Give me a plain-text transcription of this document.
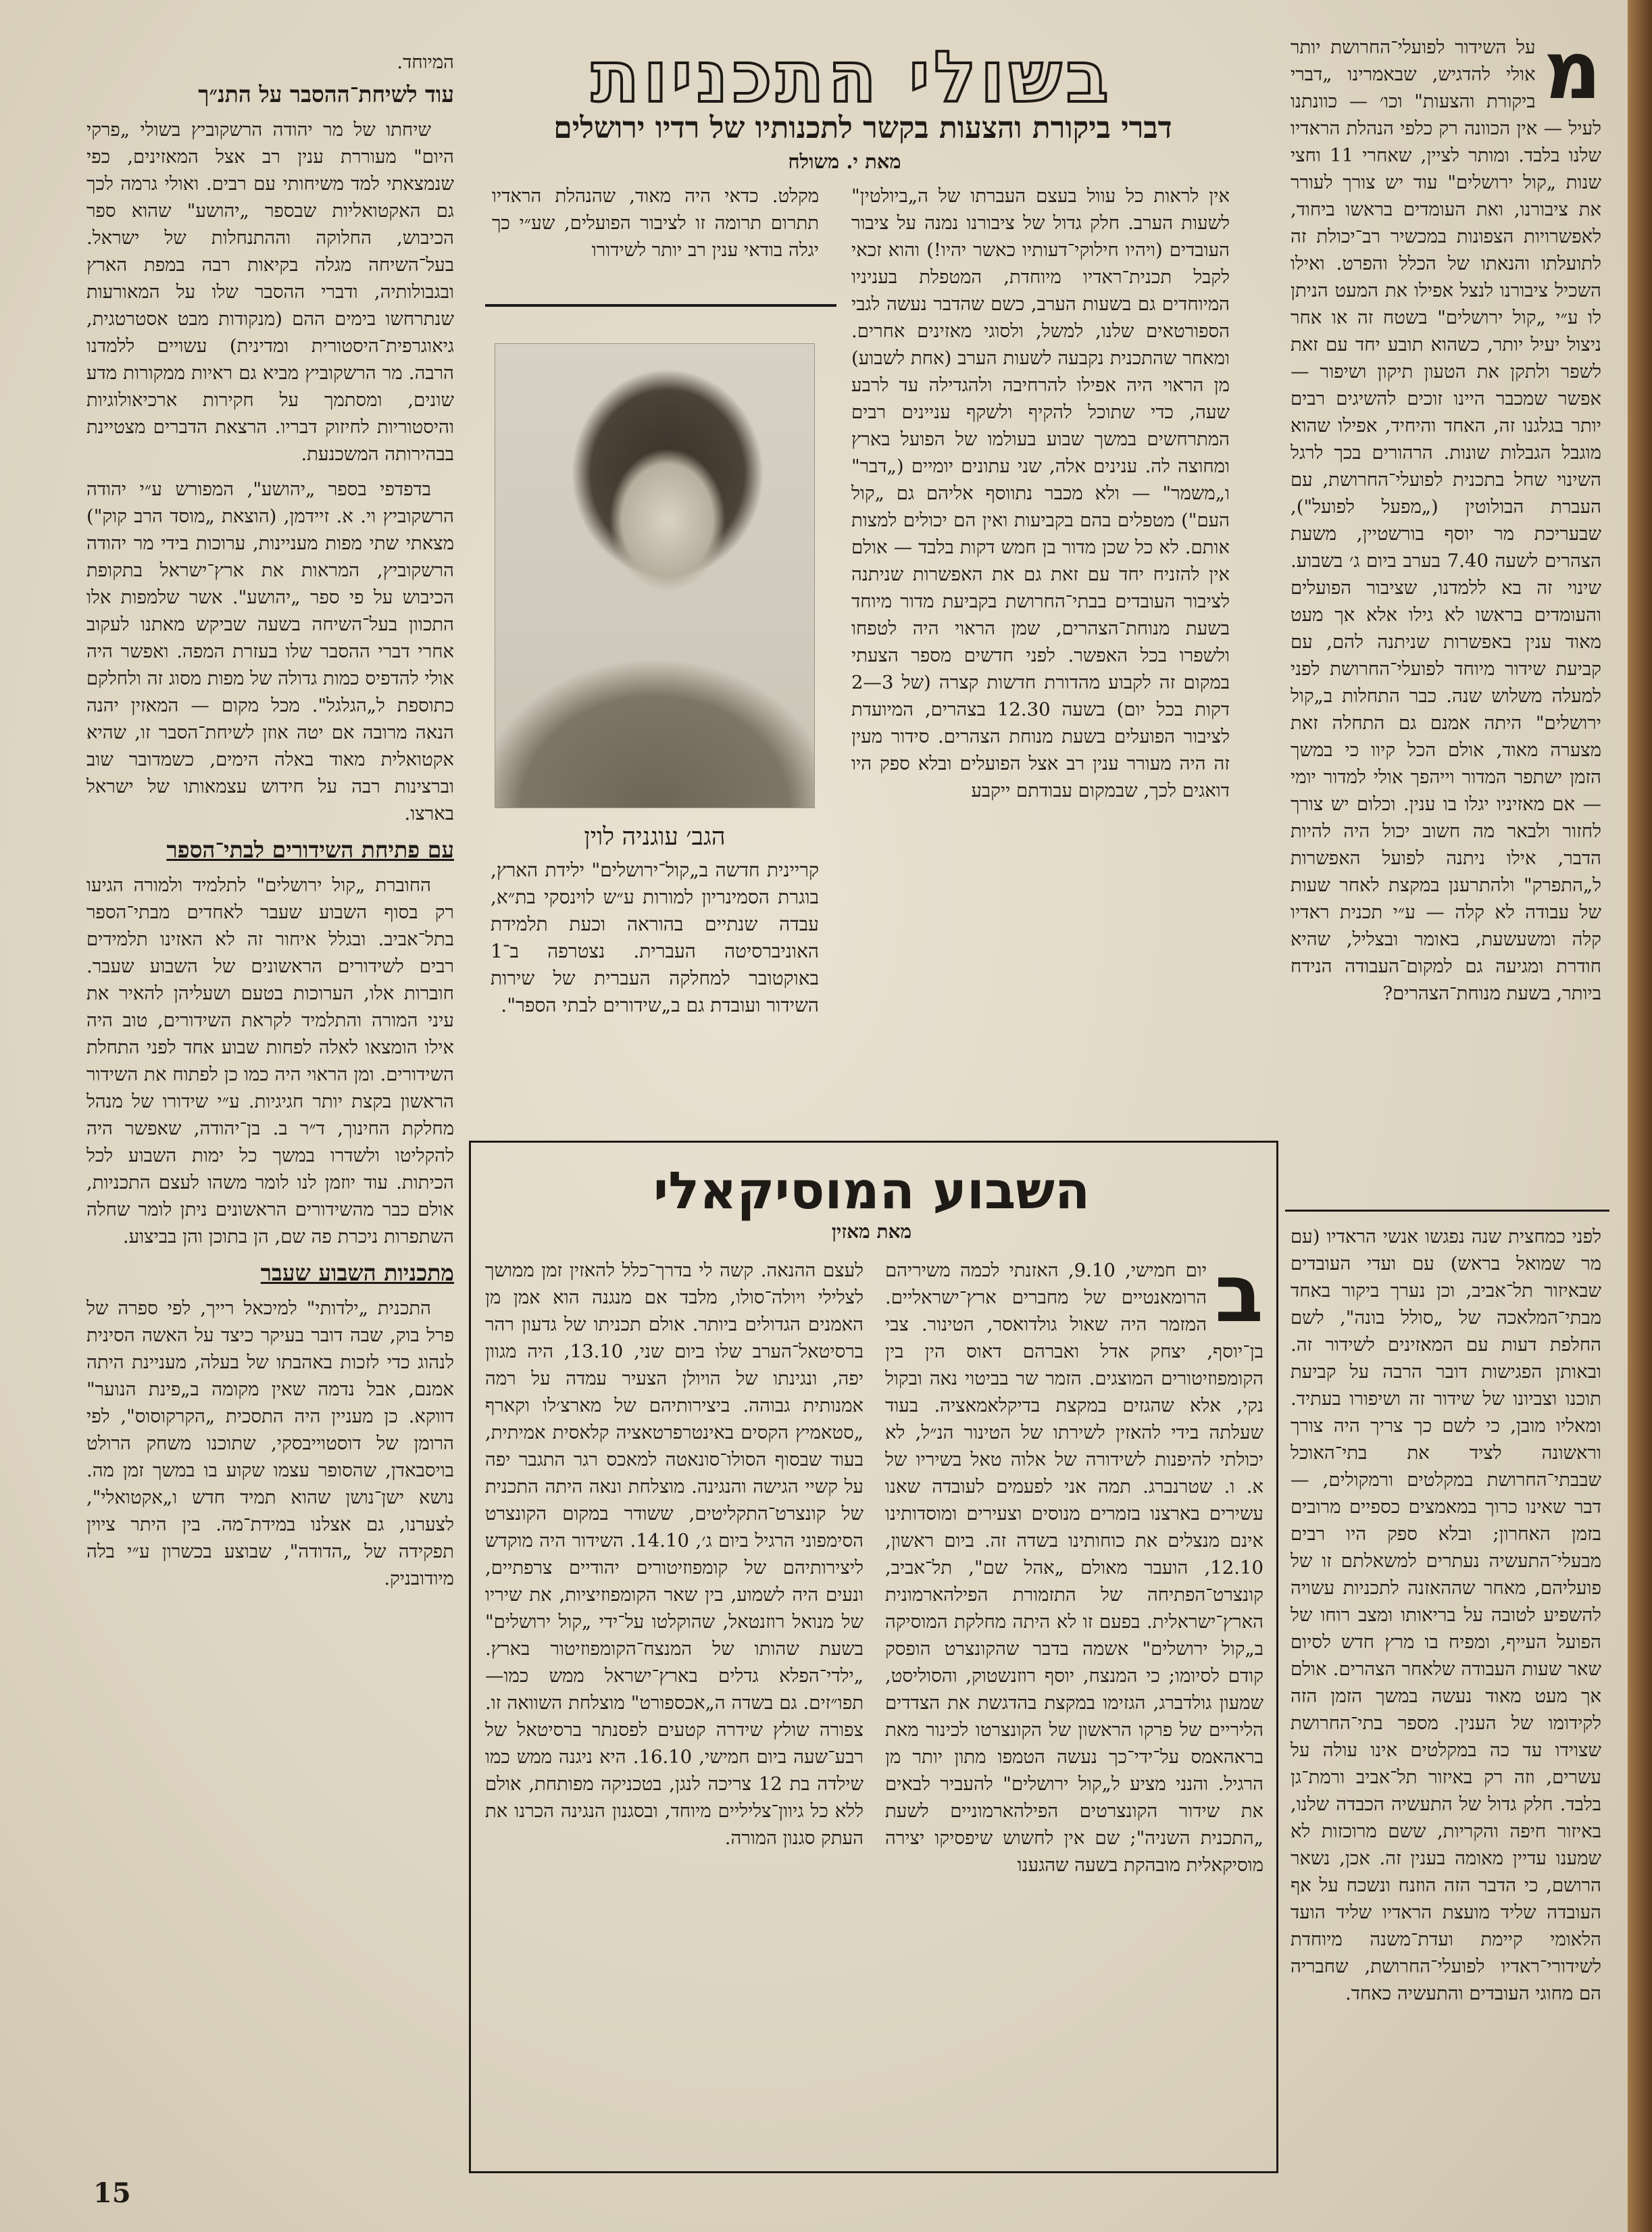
מ
על השידור לפועלי־החרושת יותר אולי להדגיש, שבאמרינו „דברי ביקורת והצעות" וכו׳ — כוונתנו לעיל — אין הכוונה רק כלפי הנהלת הראדיו שלנו בלבד. ומותר לציין, שאחרי 11 וחצי שנות „קול ירושלים" עוד יש צורך לעורר את ציבורנו, ואת העומדים בראשו ביחוד, לאפשרויות הצפונות במכשיר רב־יכולת זה לתועלתו והנאתו של הכלל והפרט. ואילו השכיל ציבורנו לנצל אפילו את המעט הניתן לו ע״י „קול ירושלים" בשטח זה או אחר ניצול יעיל יותר, כשהוא תובע יחד עם זאת לשפר ולתקן את הטעון תיקון ושיפור — אפשר שמכבר היינו זוכים להשיגים רבים יותר בגלגנו זה, האחד והיחיד, אפילו שהוא מוגבל הגבלות שונות. הרהורים בכך לרגל השינוי שחל בתכנית לפועלי־החרושת, עם העברת הבולוטין („מפעל לפועל"), שבעריכת מר יוסף בורשטיין, משעת הצהרים לשעה 7.40 בערב ביום ג׳ בשבוע. שינוי זה בא ללמדנו, שציבור הפועלים והעומדים בראשו לא גילו אלא אך מעט מאוד ענין באפשרות שניתנה להם, עם קביעת שידור מיוחד לפועלי־החרושת לפני למעלה משלוש שנה. כבר התחלות ב„קול ירושלים" היתה אמנם גם התחלה זאת מצערה מאוד, אולם הכל קיוו כי במשך הזמן ישתפר המדור וייהפך אולי למדור יומי — אם מאזיניו יגלו בו ענין. וכלום יש צורך לחזור ולבאר מה חשוב יכול היה להיות הדבר, אילו ניתנה לפועל האפשרות ל„התפרק" ולהתרענן במקצת לאחר שעות של עבודה לא קלה — ע״י תכנית ראדיו קלה ומשעשעת, באומר ובצליל, שהיא חודרת ומגיעה גם למקום־העבודה הנידח ביותר, בשעת מנוחת־הצהרים?
לפני כמחצית שנה נפגשו אנשי הראדיו (עם מר שמואל בראש) עם ועדי העובדים שבאיזור תל־אביב, וכן נערך ביקור באחד מבתי־המלאכה של „סולל בונה", לשם החלפת דעות עם המאזינים לשידור זה. ובאותן הפגישות דובר הרבה על קביעת תוכנו וצביונו של שידור זה ושיפורו בעתיד. ומאליו מובן, כי לשם כך צריך היה צורך וראשונה לציד את בתי־האוכל שבבתי־החרושת במקלטים ורמקולים, — דבר שאינו כרוך במאמצים כספיים מרובים בזמן האחרון; ובלא ספק היו רבים מבעלי־התעשיה נעתרים למשאלתם זו של פועליהם, מאחר שההאזנה לתכניות עשויה להשפיע לטובה על בריאותו ומצב רוחו של הפועל העייף, ומפיח בו מרץ חדש לסיום שאר שעות העבודה שלאחר הצהרים. אולם אך מעט מאוד נעשה במשך הזמן הזה לקידומו של הענין. מספר בתי־החרושת שצוידו עד כה במקלטים אינו עולה על עשרים, וזה רק באיזור תל־אביב ורמת־גן בלבד. חלק גדול של התעשיה הכבדה שלנו, באיזור חיפה והקריות, ששם מרוכזות לא שמענו עדיין מאומה בענין זה. אכן, נשאר הרושם, כי הדבר הזה הוזנח ונשכח על אף העובדה שליד מועצת הראדיו שליד הועד הלאומי קיימת ועדת־משנה מיוחדת לשידורי־ראדיו לפועלי־החרושת, שחבריה הם מחוגי העובדים והתעשיה כאחד.
בשולי התכניות
דברי ביקורת והצעות בקשר לתכנותיו של רדיו ירושלים
מאת י. משולח
אין לראות כל עוול בעצם העברתו של ה„ביולטין" לשעות הערב. חלק גדול של ציבורנו נמנה על ציבור העובדים (ויהיו חילוקי־דעותיו כאשר יהיו!) והוא זכאי לקבל תכנית־ראדיו מיוחדת, המטפלת בעניניו המיוחדים גם בשעות הערב, כשם שהדבר נעשה לגבי הספורטאים שלנו, למשל, ולסוגי מאזינים אחרים. ומאחר שהתכנית נקבעה לשעות הערב (אחת לשבוע) מן הראוי היה אפילו להרחיבה ולהגדילה עד לרבע שעה, כדי שתוכל להקיף ולשקף עניינים רבים המתרחשים במשך שבוע בעולמו של הפועל בארץ ומחוצה לה. ענינים אלה, שני עתונים יומיים („דבר" ו„משמר" — ולא מכבר נתווסף אליהם גם „קול העם") מטפלים בהם בקביעות ואין הם יכולים למצות אותם. לא כל שכן מדור בן חמש דקות בלבד — אולם אין להזניח יחד עם זאת גם את האפשרות שניתנה לציבור העובדים בבתי־החרושת בקביעת מדור מיוחד בשעת מנוחת־הצהרים, שמן הראוי היה לטפחו ולשפרו בכל האפשר. לפני חדשים מספר הצעתי במקום זה לקבוע מהדורת חדשות קצרה (של 3—2 דקות בכל יום) בשעה 12.30 בצהרים, המיועדת לציבור הפועלים בשעת מנוחת הצהרים. סידור מעין זה היה מעורר ענין רב אצל הפועלים ובלא ספק היו דואגים לכך, שבמקום עבודתם ייקבע
מקלט. כדאי היה מאוד, שהנהלת הראדיו תתרום תרומה זו לציבור הפועלים, שע״י כך יגלה בודאי ענין רב יותר לשידורו
הגב׳ עוגניה לוין
קריינית חדשה ב„קול־ירושלים" ילידת הארץ, בוגרת הסמינריון למורות ע״ש לוינסקי בת״א, עבדה שנתיים בהוראה וכעת תלמידת האוניברסיטה העברית. נצטרפה ב־1 באוקטובר למחלקה העברית של שירות השידור ועובדת גם ב„שידורים לבתי הספר".
המיוחד.
עוד לשיחת־ההסבר על התנ״ך

שיחתו של מר יהודה הרשקוביץ בשולי „פרקי היום" מעוררת ענין רב אצל המאזינים, כפי שנמצאתי למד משיחותי עם רבים. ואולי גרמה לכך גם האקטואליות שבספר „יהושע" שהוא ספר הכיבוש, החלוקה וההתנחלות של ישראל. בעל־השיחה מגלה בקיאות רבה במפת הארץ ובגבולותיה, ודברי ההסבר שלו על המאורעות שנתרחשו בימים ההם (מנקודות מבט אסטרטגית, גיאוגרפית־היסטורית ומדינית) עשויים ללמדנו הרבה. מר הרשקוביץ מביא גם ראיות ממקורות מדע שונים, ומסתמך על חקירות ארכיאולוגיות והיסטוריות לחיזוק דבריו. הרצאת הדברים מצטיינת בבהירותה המשכנעת.

בדפדפי בספר „יהושע", המפורש ע״י יהודה הרשקוביץ וי. א. זיידמן, (הוצאת „מוסד הרב קוק") מצאתי שתי מפות מעניינות, ערוכות בידי מר יהודה הרשקוביץ, המראות את ארץ־ישראל בתקופת הכיבוש על פי ספר „יהושע". אשר שלמפות אלו התכוון בעל־השיחה בשעה שביקש מאתנו לעקוב אחרי דברי ההסבר שלו בעזרת המפה. ואפשר היה אולי להדפיס כמות גדולה של מפות מסוג זה ולחלקם כתוספת ל„הגלגל". מכל מקום — המאזין יהנה הנאה מרובה אם יטה אוזן לשיחת־הסבר זו, שהיא אקטואלית מאוד באלה הימים, כשמדובר שוב וברצינות רבה על חידוש עצמאותו של ישראל בארצו.

עם פתיחת השידורים לבתי־הספר

החוברת „קול ירושלים" לתלמיד ולמורה הגיעו רק בסוף השבוע שעבר לאחדים מבתי־הספר בתל־אביב. ובגלל איחור זה לא האזינו תלמידים רבים לשידורים הראשונים של השבוע שעבר. חוברות אלו, הערוכות בטעם ושעליהן להאיר את עיני המורה והתלמיד לקראת השידורים, טוב היה אילו הומצאו לאלה לפחות שבוע אחד לפני התחלת השידורים. ומן הראוי היה כמו כן לפתוח את השידור הראשון בקצת יותר חגיגיות. ע״י שידורו של מנהל מחלקת החינוך, ד״ר ב. בן־יהודה, שאפשר היה להקליטו ולשדרו במשך כל ימות השבוע לכל הכיתות. עוד יוזמן לנו לומר משהו לעצם התכניות, אולם כבר מהשידורים הראשונים ניתן לומר שחלה השתפרות ניכרת פה שם, הן בתוכן והן בביצוע.

מתכניות השבוע שעבר

התכנית „ילדותי" למיכאל רייך, לפי ספרה של פרל בוק, שבה דובר בעיקר כיצד על האשה הסינית לנהוג כדי לזכות באהבתו של בעלה, מעניינת היתה אמנם, אבל נדמה שאין מקומה ב„פינת הנוער" דווקא. כן מעניין היה התסכית „הקרקוסוס", לפי הרומן של דוסטוייבסקי, שתוכנו משחק הרולט בויסבאדן, שהסופר עצמו שקוע בו במשך זמן מה. נושא ישן־נושן שהוא תמיד חדש ו„אקטואלי", לצערנו, גם אצלנו במידת־מה. בין היתר ציוין תפקידה של „הדודה", שבוצע בכשרון ע״י בלה מיודובניק.

השבוע המוסיקאלי
מאת מאזין
ב
יום חמישי, 9.10, האזנתי לכמה משיריהם הרומאנטיים של מחברים ארץ־ישראליים. המזמר היה שאול גולדואסר, הטינור. צבי בן־יוסף, יצחק אדל ואברהם דאוס הין בין הקומפוזיטורים המוצגים. הזמר שר בביטוי נאה ובקול נקי, אלא שהגזים במקצת בדיקלאמאציה. בעוד שעלתה בידי להאזין לשירתו של הטינור הנ״ל, לא יכולתי להיפנות לשידורה של אלוה טאל בשיריו של א. ו. שטרנברג. תמה אני לפעמים לעובדה שאנו עשירים בארצנו בזמרים מנוסים וצעירים ומוסדותינו אינם מנצלים את כוחותינו בשדה זה. ביום ראשון, 12.10, הועבר מאולם „אהל שם", תל־אביב, קונצרט־הפתיחה של התזמורת הפילהארמונית הארץ־ישראלית. בפעם זו לא היתה מחלקת המוסיקה ב„קול ירושלים" אשמה בדבר שהקונצרט הופסק קודם לסיומו; כי המנצח, יוסף רוזנשטוק, והסוליסט, שמעון גולדברג, הגזימו במקצת בהדגשת את הצדדים הליריים של פרקו הראשון של הקונצרטו לכינור מאת בראהאמס על־ידי־כך נעשה הטמפו מתון יותר מן הרגיל. והנני מציע ל„קול ירושלים" להעביר לבאים את שידור הקונצרטים הפילהארמוניים לשעת „התכנית השניה"; שם אין לחשוש שיפסיקו יצירה מוסיקאלית מובהקת בשעה שהגענו
לעצם ההנאה. קשה לי בדרך־כלל להאזין זמן ממושך לצלילי ויולה־סולו, מלבד אם מנגנה הוא אמן מן האמנים הגדולים ביותר. אולם תכניתו של גדעון רהר ברסיטאל־הערב שלו ביום שני, 13.10, היה מגוון יפה, ונגינתו של הויולן הצעיר עמדה על רמה אמנותית גבוהה. ביצירותיהם של מארצ׳לו וקארף „סטאמיץ הקסים באינטרפרטאציה קלאסית אמיתית, בעוד שבסוף הסולו־סונאטה למאכס רגר התגבר יפה על קשיי הגישה והנגינה. מוצלחת ונאה היתה התכנית של קונצרט־התקליטים, ששודר במקום הקונצרט הסימפוני הרגיל ביום ג׳, 14.10. השידור היה מוקדש ליצירותיהם של קומפוזיטורים יהודיים צרפתיים, ונעים היה לשמוע, בין שאר הקומפוזיציות, את שיריו של מנואל רוזנטאל, שהוקלטו על־ידי „קול ירושלים" בשעת שהותו של המנצח־הקומפוזיטור בארץ. „ילדי־הפלא גדלים בארץ־ישראל ממש כמו—תפו״זים. גם בשדה ה„אכספורט" מוצלחת השוואה זו. צפורה שולץ שידרה קטעים לפסנתר ברסיטאל של רבע־שעה ביום חמישי, 16.10. היא ניגנה ממש כמו שילדה בת 12 צריכה לנגן, בטכניקה מפותחת, אולם ללא כל גיוון־צליליים מיוחד, ובסגנון הנגינה הכרנו את העתק סגנון המורה.
15
